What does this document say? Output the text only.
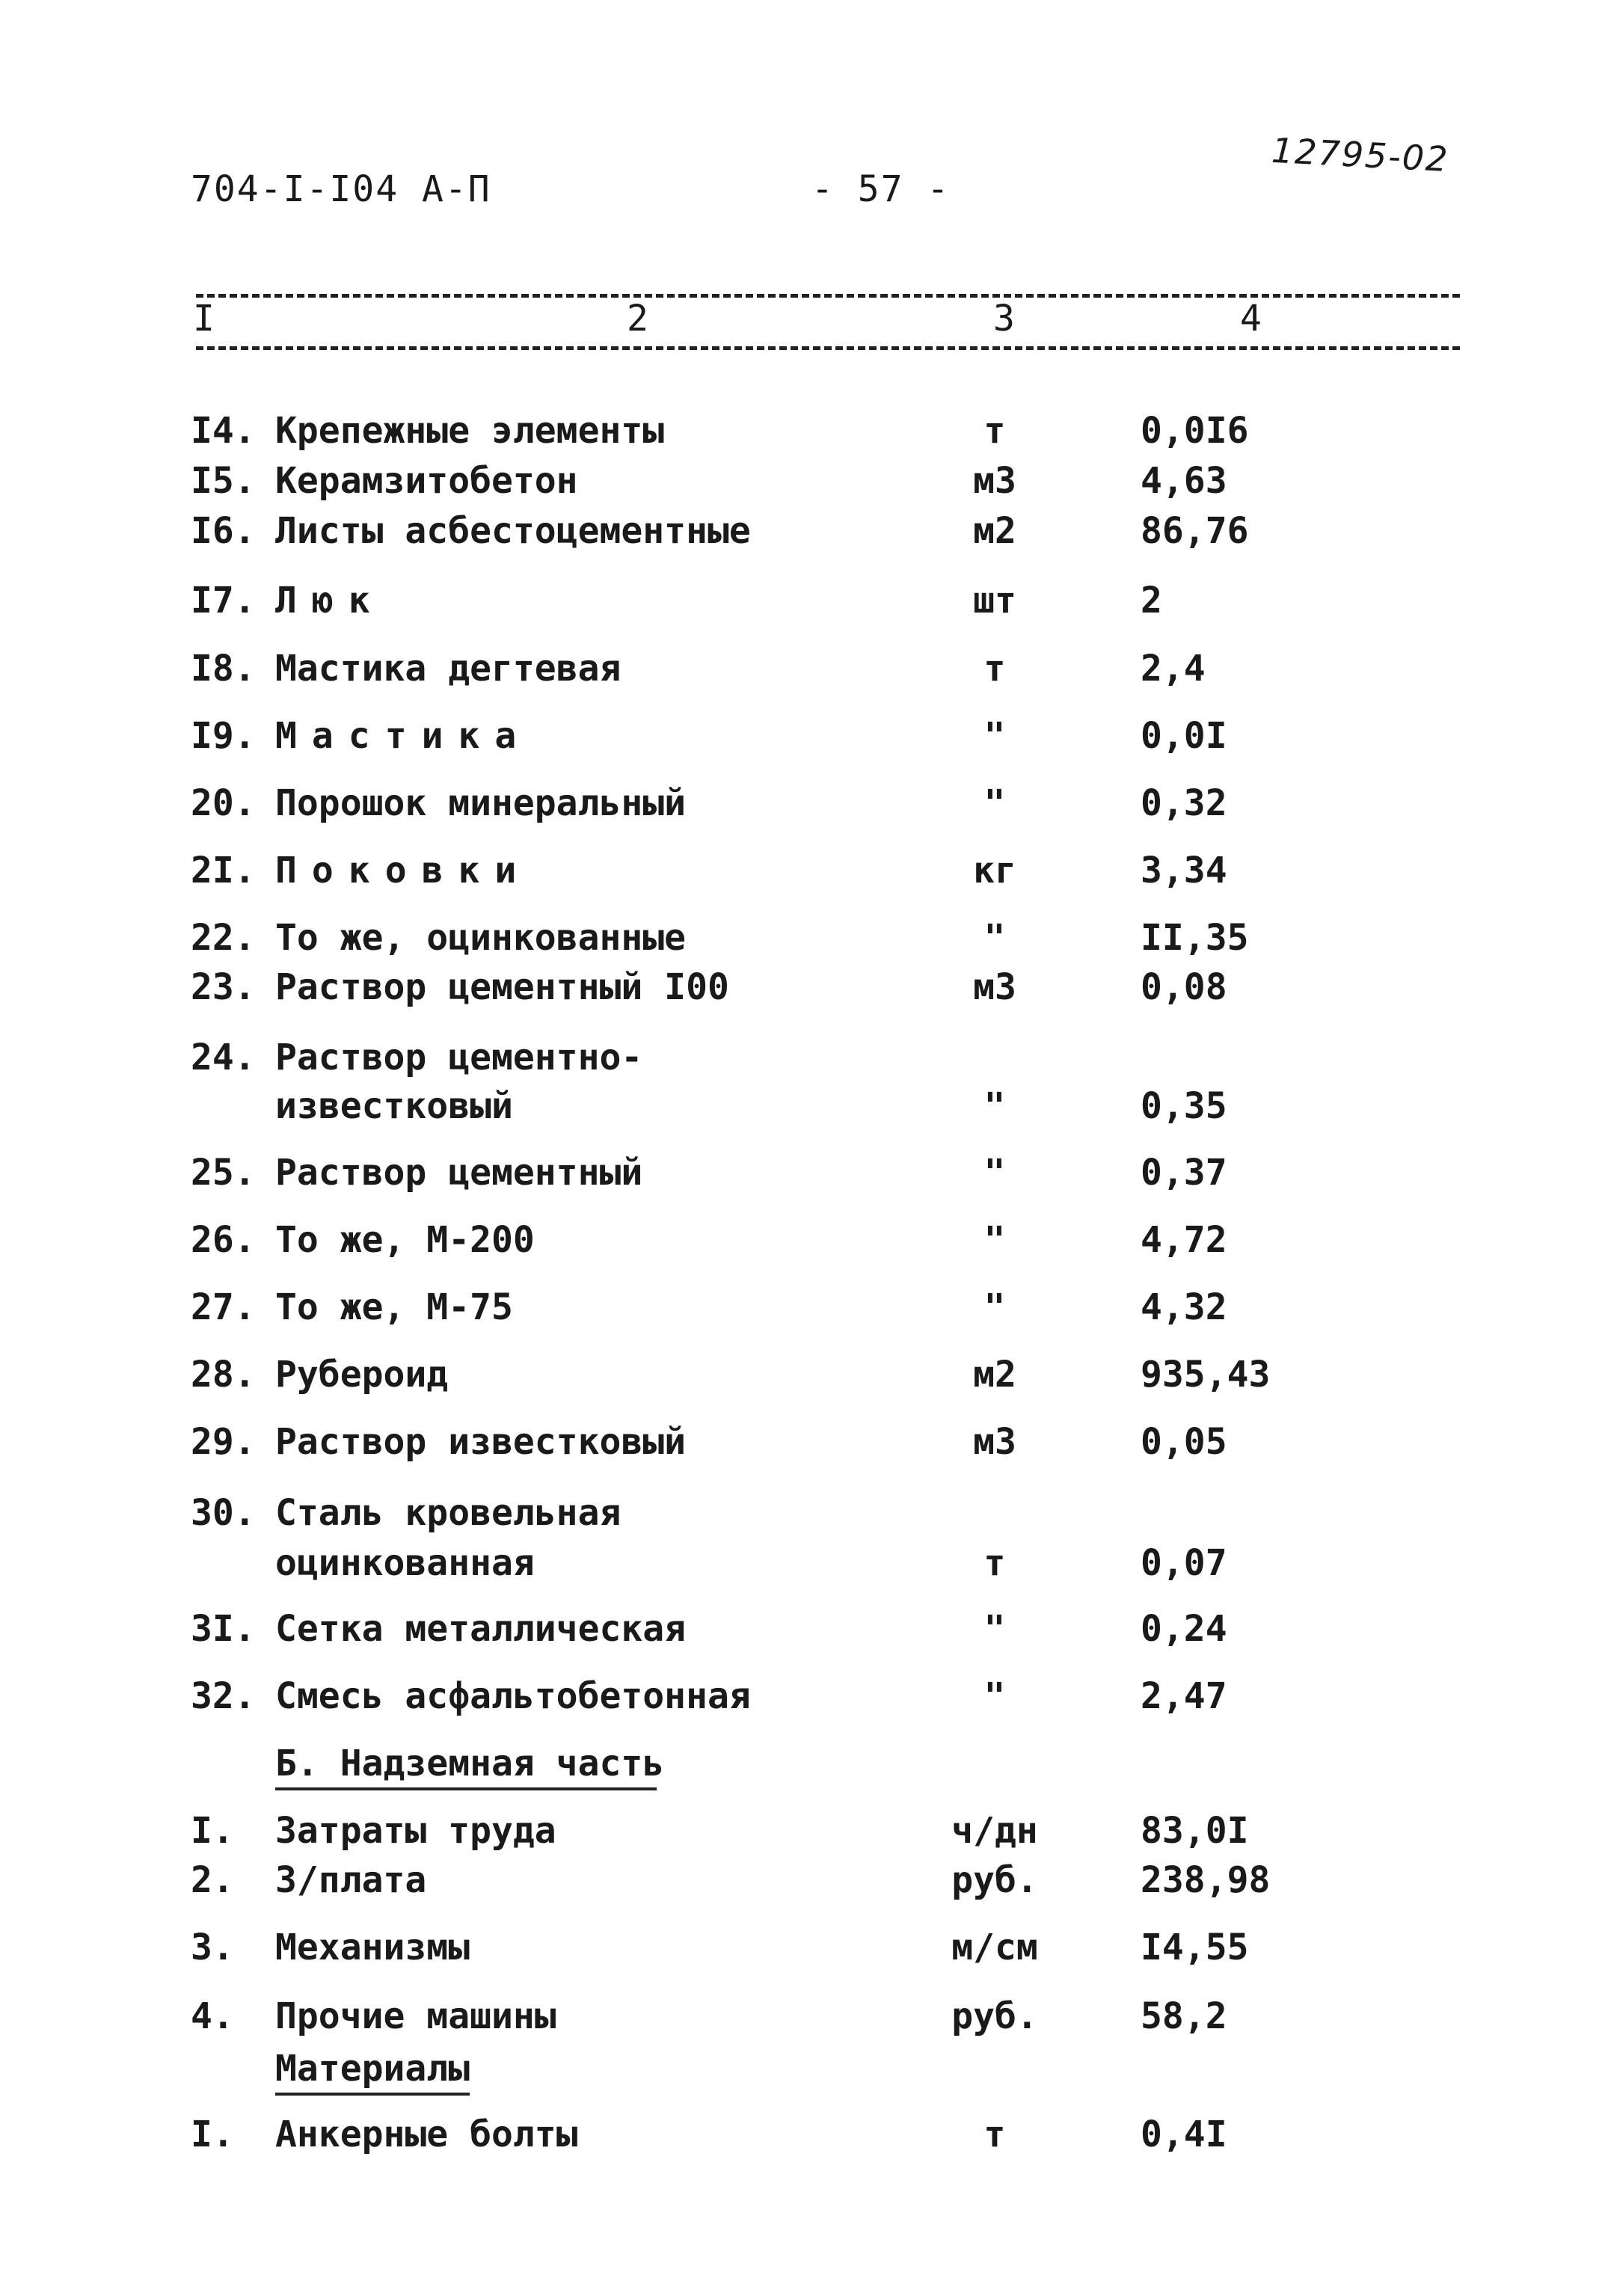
704-I-I04 А-П	- 57 -
12795-02
I	2	3	4
I4. Крепежные элементы	т	0,0I6
I5. Керамзитобетон	м3	4,63
I6. Листы асбестоцементные	м2	86,76
I7. Люк	шт	2
I8. Мастика дегтевая	т	2,4
I9. Мастика	"	0,0I
20. Порошок минеральный	"	0,32
2I. Поковки	кг	3,34
22. То же, оцинкованные	"	II,35
23. Раствор цементный I00	м3	0,08
24. Раствор цементно-
известковый	"	0,35
25. Раствор цементный	"	0,37
26. То же, М-200	"	4,72
27. То же, М-75	"	4,32
28. Рубероид	м2	935,43
29. Раствор известковый	м3	0,05
30. Сталь кровельная
оцинкованная	т	0,07
3I. Сетка металлическая	"	0,24
32. Смесь асфальтобетонная	"	2,47
Б. Надземная часть
I. Затраты труда	ч/дн	83,0I
2. З/плата	руб.	238,98
3. Механизмы	м/см	I4,55
4. Прочие машины	руб.	58,2
Материалы
I. Анкерные болты	т	0,4I
